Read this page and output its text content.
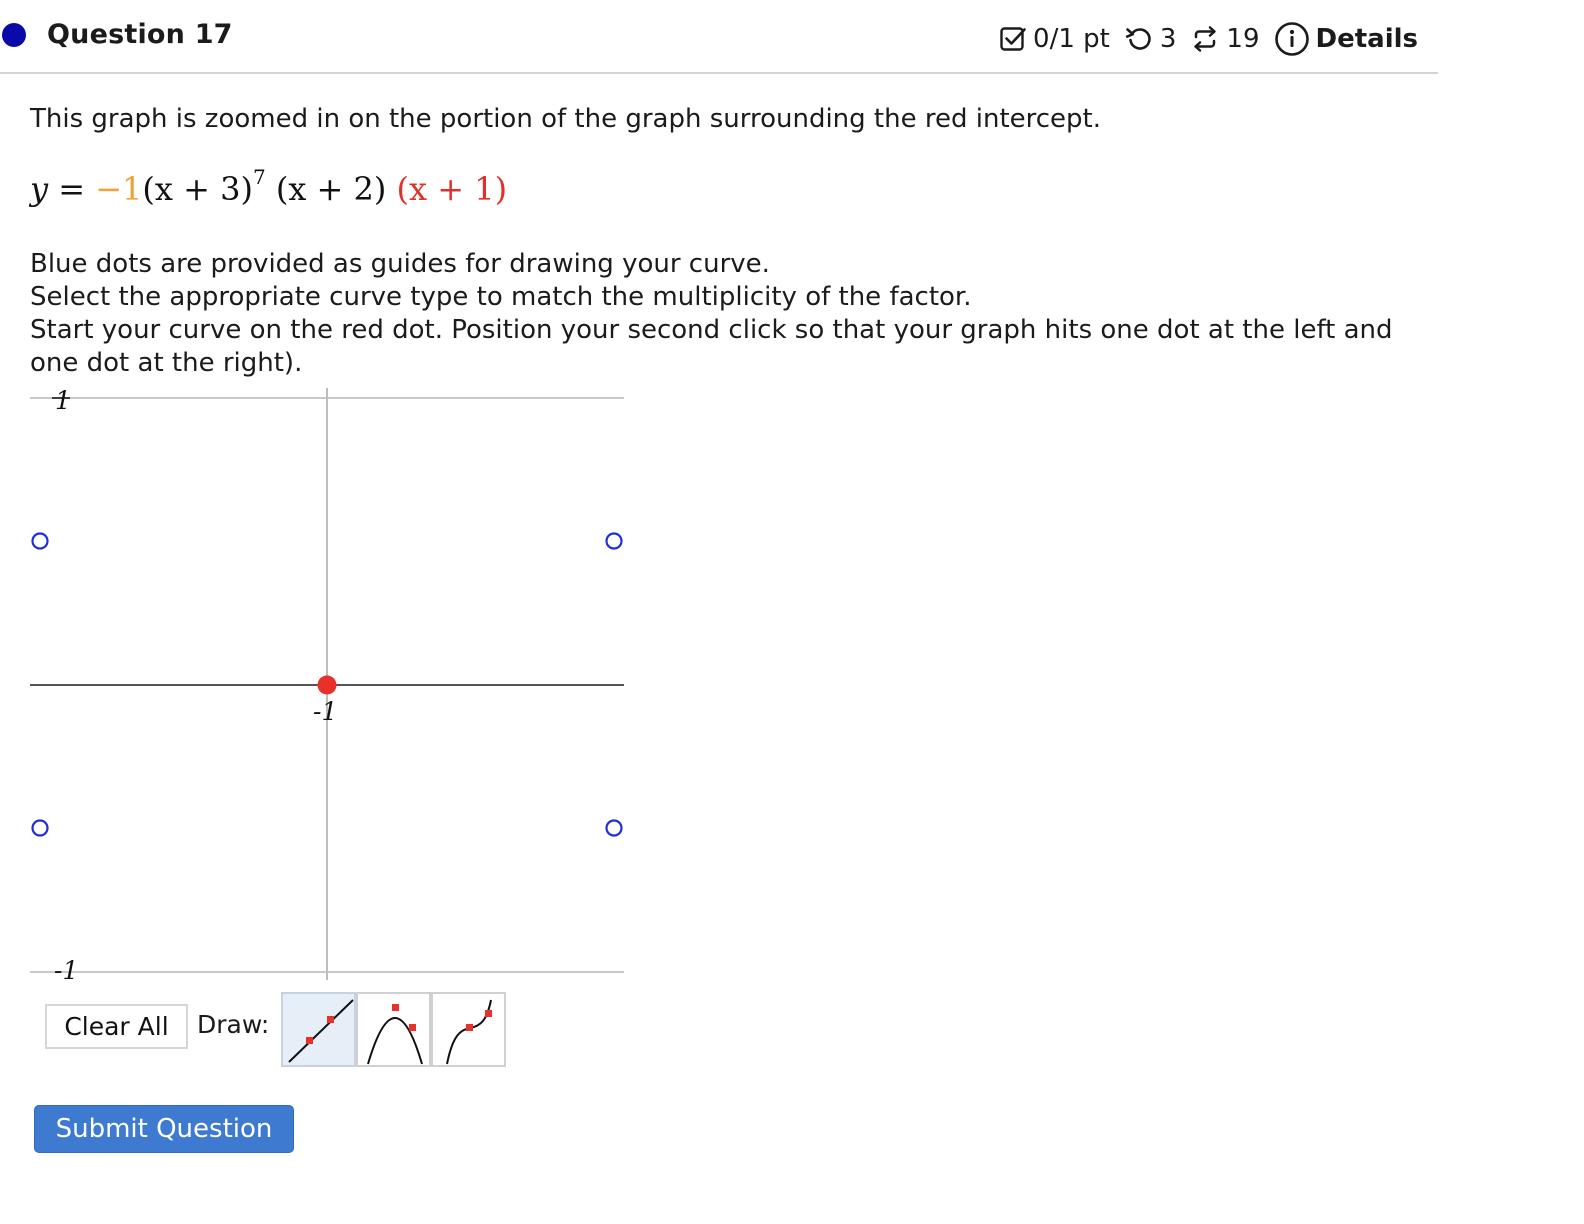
Question 17	0/1 pt 3 19 Details
This graph is zoomed in on the portion of the graph surrounding the red intercept.
$y = -1(x + 3)^7$ (x + 2) (x + 1)
Blue dots are provided as guides for drawing your curve.
Select the appropriate curve type to match the multiplicity of the factor.
Start your curve on the red dot. Position your second click so that your graph hits one dot at the left and
one dot at the right).
1
-1
-1
Clear All	Draw:
Submit Question
